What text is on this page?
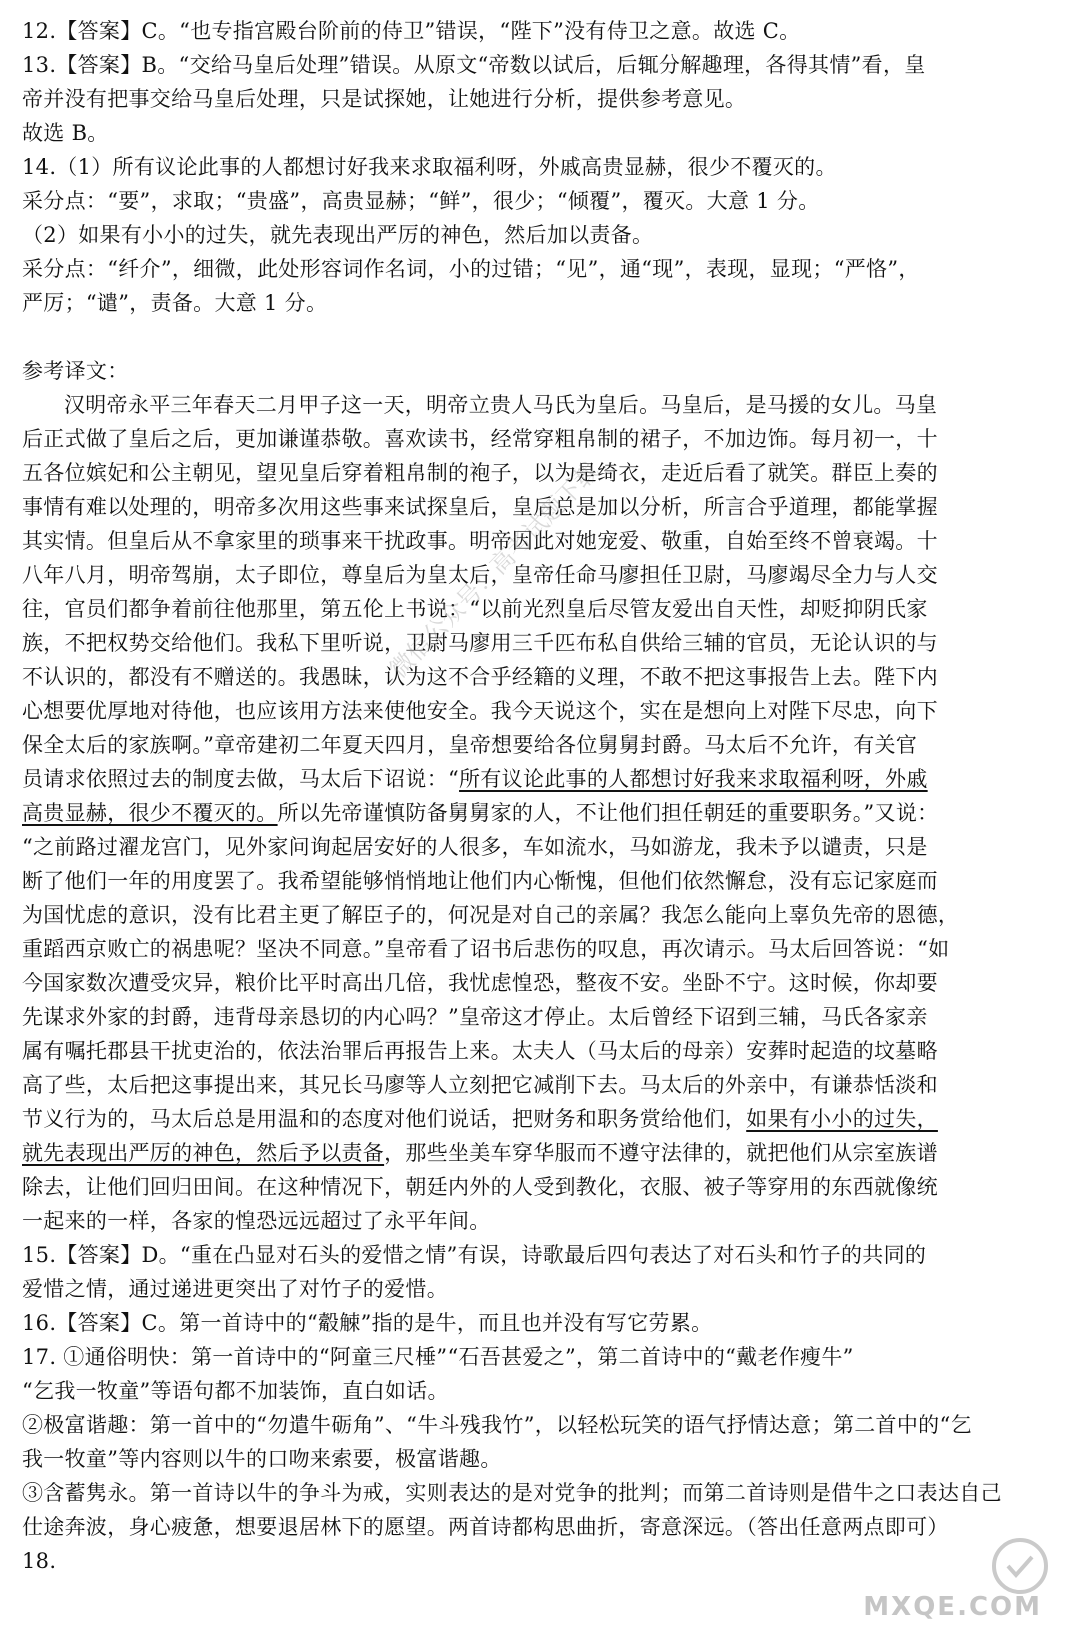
12.【答案】C。“也专指宫殿台阶前的侍卫”错误，“陛下”没有侍卫之意。故选 C。
13.【答案】B。“交给马皇后处理”错误。从原文“帝数以试后，后辄分解趣理，各得其情”看，皇
帝并没有把事交给马皇后处理，只是试探她，让她进行分析，提供参考意见。
故选 B。
14.（1）所有议论此事的人都想讨好我来求取福利呀，外戚高贵显赫，很少不覆灭的。
采分点：“要”，求取；“贵盛”，高贵显赫；“鲜”，很少；“倾覆”，覆灭。大意 1 分。
（2）如果有小小的过失，就先表现出严厉的神色，然后加以责备。
采分点：“纤介”，细微，此处形容词作名词，小的过错；“见”，通“现”，表现，显现；“严恪”，
严厉；“谴”，责备。大意 1 分。
参考译文：
汉明帝永平三年春天二月甲子这一天，明帝立贵人马氏为皇后。马皇后，是马援的女儿。马皇
后正式做了皇后之后，更加谦谨恭敬。喜欢读书，经常穿粗帛制的裙子，不加边饰。每月初一，十
五各位嫔妃和公主朝见，望见皇后穿着粗帛制的袍子，以为是绮衣，走近后看了就笑。群臣上奏的
事情有难以处理的，明帝多次用这些事来试探皇后，皇后总是加以分析，所言合乎道理，都能掌握
其实情。但皇后从不拿家里的琐事来干扰政事。明帝因此对她宠爱、敬重，自始至终不曾衰竭。十
八年八月，明帝驾崩，太子即位，尊皇后为皇太后，皇帝任命马廖担任卫尉，马廖竭尽全力与人交
往，官员们都争着前往他那里，第五伦上书说：“以前光烈皇后尽管友爱出自天性，却贬抑阴氏家
族，不把权势交给他们。我私下里听说，卫尉马廖用三千匹布私自供给三辅的官员，无论认识的与
不认识的，都没有不赠送的。我愚昧，认为这不合乎经籍的义理，不敢不把这事报告上去。陛下内
心想要优厚地对待他，也应该用方法来使他安全。我今天说这个，实在是想向上对陛下尽忠，向下
保全太后的家族啊。”章帝建初二年夏天四月，皇帝想要给各位舅舅封爵。马太后不允许，有关官
员请求依照过去的制度去做，马太后下诏说：“所有议论此事的人都想讨好我来求取福利呀，外戚
高贵显赫，很少不覆灭的。所以先帝谨慎防备舅舅家的人，不让他们担任朝廷的重要职务。”又说：
“之前路过濯龙宫门，见外家问询起居安好的人很多，车如流水，马如游龙，我未予以谴责，只是
断了他们一年的用度罢了。我希望能够悄悄地让他们内心惭愧，但他们依然懈怠，没有忘记家庭而
为国忧虑的意识，没有比君主更了解臣子的，何况是对自己的亲属？我怎么能向上辜负先帝的恩德，
重蹈西京败亡的祸患呢？坚决不同意。”皇帝看了诏书后悲伤的叹息，再次请示。马太后回答说：“如
今国家数次遭受灾异，粮价比平时高出几倍，我忧虑惶恐，整夜不安。坐卧不宁。这时候，你却要
先谋求外家的封爵，违背母亲恳切的内心吗？”皇帝这才停止。太后曾经下诏到三辅，马氏各家亲
属有嘱托郡县干扰吏治的，依法治罪后再报告上来。太夫人（马太后的母亲）安葬时起造的坟墓略
高了些，太后把这事提出来，其兄长马廖等人立刻把它减削下去。马太后的外亲中，有谦恭恬淡和
节义行为的，马太后总是用温和的态度对他们说话，把财务和职务赏给他们，如果有小小的过失，
就先表现出严厉的神色，然后予以责备，那些坐美车穿华服而不遵守法律的，就把他们从宗室族谱
除去，让他们回归田间。在这种情况下，朝廷内外的人受到教化，衣服、被子等穿用的东西就像统
一起来的一样，各家的惶恐远远超过了永平年间。
15.【答案】D。“重在凸显对石头的爱惜之情”有误，诗歌最后四句表达了对石头和竹子的共同的
爱惜之情，通过递进更突出了对竹子的爱惜。
16.【答案】C。第一首诗中的“觳觫”指的是牛，而且也并没有写它劳累。
17. ①通俗明快：第一首诗中的“阿童三尺棰”“石吾甚爱之”，第二首诗中的“戴老作瘦牛”
“乞我一牧童”等语句都不加装饰，直白如话。
②极富谐趣：第一首中的“勿遣牛砺角”、“牛斗残我竹”，以轻松玩笑的语气抒情达意；第二首中的“乞
我一牧童”等内容则以牛的口吻来索要，极富谐趣。
③含蓄隽永。第一首诗以牛的争斗为戒，实则表达的是对党争的批判；而第二首诗则是借牛之口表达自己
仕途奔波，身心疲惫，想要退居林下的愿望。两首诗都构思曲折，寄意深远。（答出任意两点即可）
18.
微信公众号：高考试题下载
MXQE.COM
